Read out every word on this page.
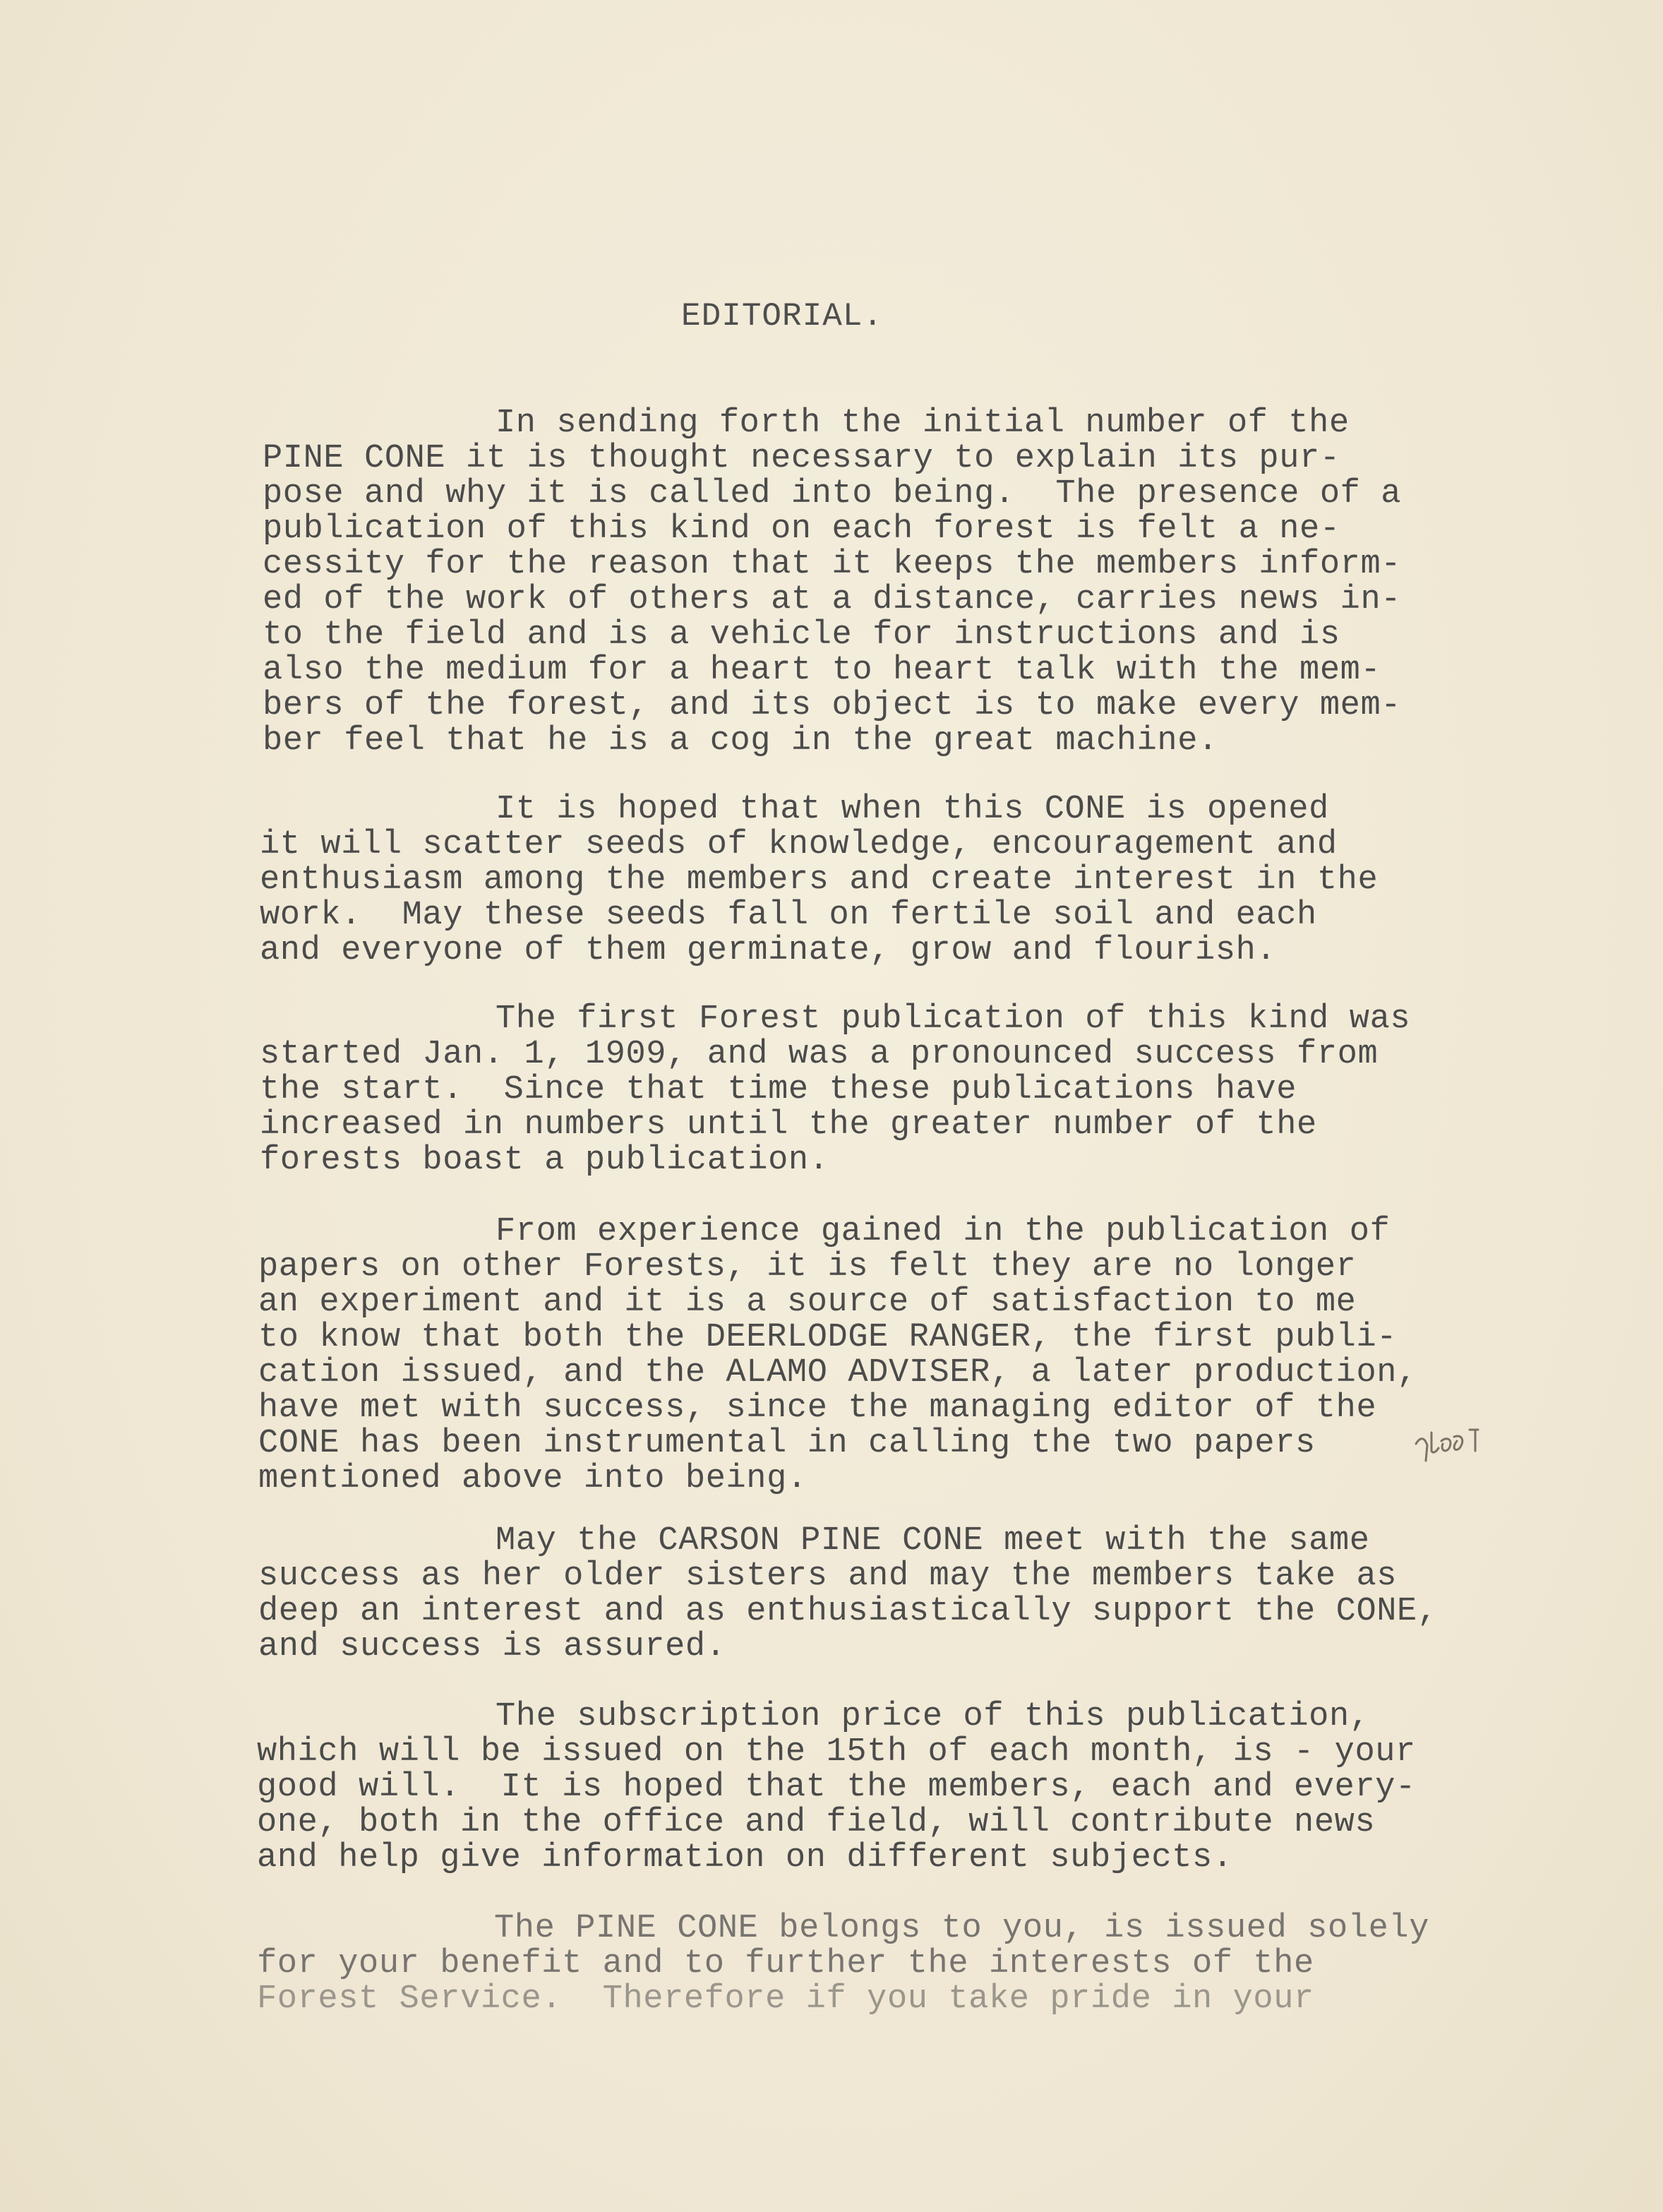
EDITORIAL.
In sending forth the initial number of the
PINE CONE it is thought necessary to explain its pur-
pose and why it is called into being.  The presence of a
publication of this kind on each forest is felt a ne-
cessity for the reason that it keeps the members inform-
ed of the work of others at a distance, carries news in-
to the field and is a vehicle for instructions and is
also the medium for a heart to heart talk with the mem-
bers of the forest, and its object is to make every mem-
ber feel that he is a cog in the great machine.
It is hoped that when this CONE is opened
it will scatter seeds of knowledge, encouragement and
enthusiasm among the members and create interest in the
work.  May these seeds fall on fertile soil and each
and everyone of them germinate, grow and flourish.
The first Forest publication of this kind was
started Jan. 1, 1909, and was a pronounced success from
the start.  Since that time these publications have
increased in numbers until the greater number of the
forests boast a publication.
From experience gained in the publication of
papers on other Forests, it is felt they are no longer
an experiment and it is a source of satisfaction to me
to know that both the DEERLODGE RANGER, the first publi-
cation issued, and the ALAMO ADVISER, a later production,
have met with success, since the managing editor of the
CONE has been instrumental in calling the two papers
mentioned above into being.
May the CARSON PINE CONE meet with the same
success as her older sisters and may the members take as
deep an interest and as enthusiastically support the CONE,
and success is assured.
The subscription price of this publication,
which will be issued on the 15th of each month, is - your
good will.  It is hoped that the members, each and every-
one, both in the office and field, will contribute news
and help give information on different subjects.
The PINE CONE belongs to you, is issued solely
for your benefit and to further the interests of the
Forest Service.  Therefore if you take pride in your
